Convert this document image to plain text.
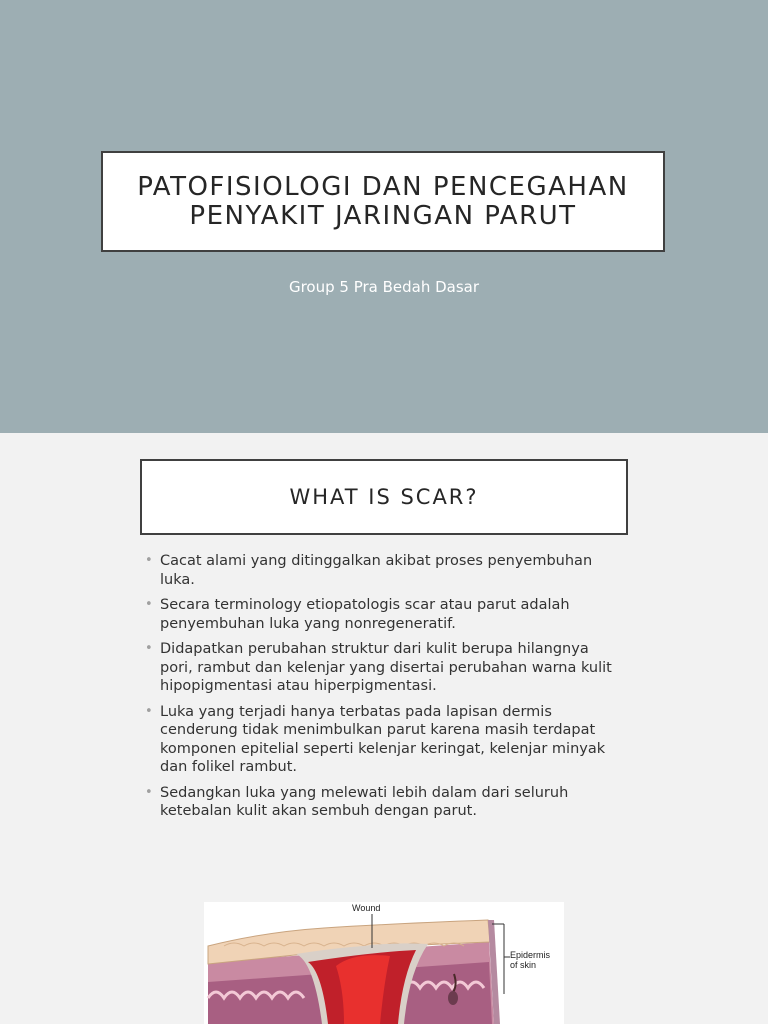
PATOFISIOLOGI DAN PENCEGAHAN
PENYAKIT JARINGAN PARUT
Group 5 Pra Bedah Dasar
WHAT IS SCAR?
• Cacat alami yang ditinggalkan akibat proses penyembuhan luka.
• Secara terminology etiopatologis scar atau parut adalah penyembuhan luka yang nonregeneratif.
• Didapatkan perubahan struktur dari kulit berupa hilangnya pori, rambut dan kelenjar yang disertai perubahan warna kulit hipopigmentasi atau hiperpigmentasi.
• Luka yang terjadi hanya terbatas pada lapisan dermis cenderung tidak menimbulkan parut karena masih terdapat komponen epitelial seperti kelenjar keringat, kelenjar minyak dan folikel rambut.
• Sedangkan luka yang melewati lebih dalam dari seluruh ketebalan kulit akan sembuh dengan parut.
Wound
Epidermis
of skin
